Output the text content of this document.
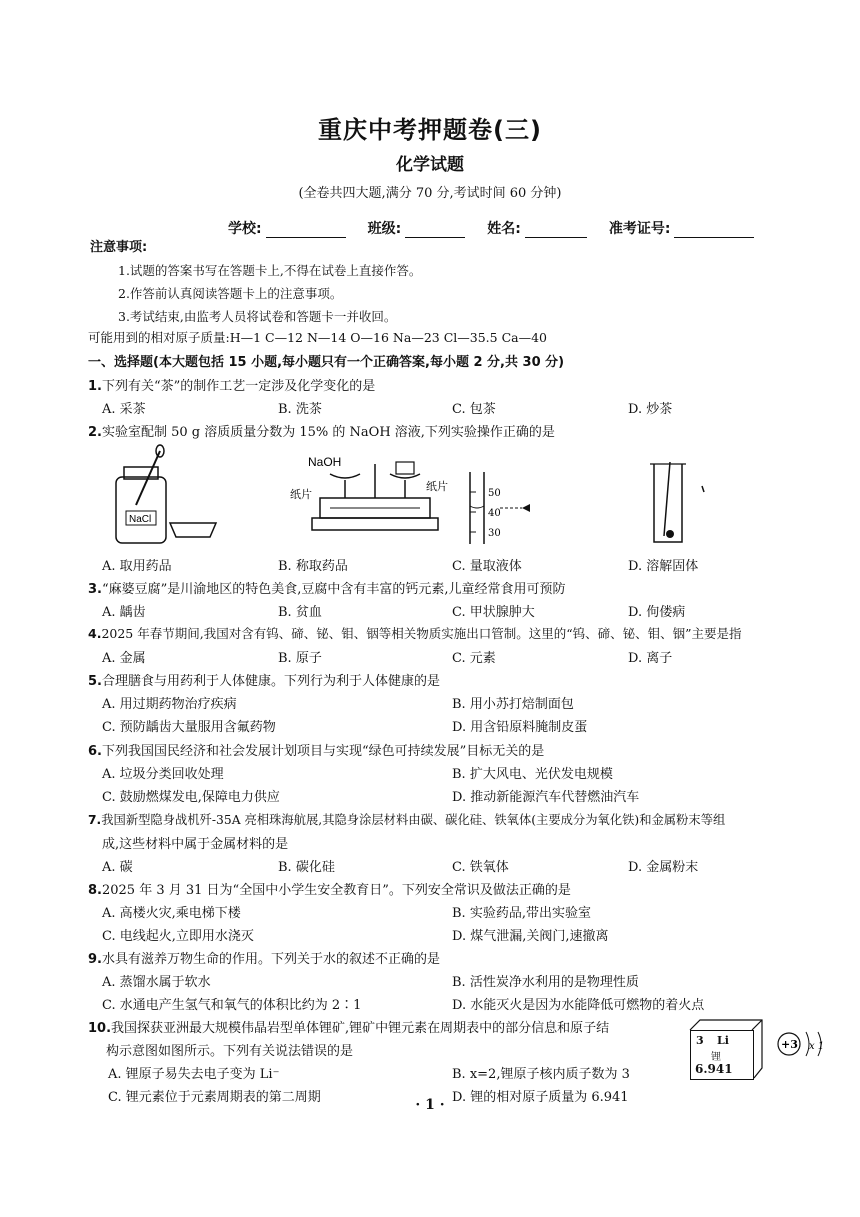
重庆中考押题卷(三)
化学试题
(全卷共四大题,满分 70 分,考试时间 60 分钟)
学校:	班级:	姓名:	准考证号:
注意事项:
1.试题的答案书写在答题卡上,不得在试卷上直接作答。
2.作答前认真阅读答题卡上的注意事项。
3.考试结束,由监考人员将试卷和答题卡一并收回。
可能用到的相对原子质量:H—1 C—12 N—14 O—16 Na—23 Cl—35.5 Ca—40
一、选择题(本大题包括 15 小题,每小题只有一个正确答案,每小题 2 分,共 30 分)
1.下列有关“茶”的制作工艺一定涉及化学变化的是
A. 采茶	B. 洗茶	C. 包茶	D. 炒茶
2.实验室配制 50 g 溶质质量分数为 15% 的 NaOH 溶液,下列实验操作正确的是
NaCl
NaOH
纸片
纸片
50
40
30
A. 取用药品	B. 称取药品	C. 量取液体	D. 溶解固体
3.“麻婆豆腐”是川渝地区的特色美食,豆腐中含有丰富的钙元素,儿童经常食用可预防
A. 龋齿	B. 贫血	C. 甲状腺肿大	D. 佝偻病
4.2025 年春节期间,我国对含有钨、碲、铋、钼、铟等相关物质实施出口管制。这里的“钨、碲、铋、钼、铟”主要是指
A. 金属	B. 原子	C. 元素	D. 离子
5.合理膳食与用药利于人体健康。下列行为利于人体健康的是
A. 用过期药物治疗疾病	B. 用小苏打焙制面包
C. 预防龋齿大量服用含氟药物	D. 用含铅原料腌制皮蛋
6.下列我国国民经济和社会发展计划项目与实现“绿色可持续发展”目标无关的是
A. 垃圾分类回收处理	B. 扩大风电、光伏发电规模
C. 鼓励燃煤发电,保障电力供应	D. 推动新能源汽车代替燃油汽车
7.我国新型隐身战机歼-35A 亮相珠海航展,其隐身涂层材料由碳、碳化硅、铁氧体(主要成分为氧化铁)和金属粉末等组
成,这些材料中属于金属材料的是
A. 碳	B. 碳化硅	C. 铁氧体	D. 金属粉末
8.2025 年 3 月 31 日为“全国中小学生安全教育日”。下列安全常识及做法正确的是
A. 高楼火灾,乘电梯下楼	B. 实验药品,带出实验室
C. 电线起火,立即用水浇灭	D. 煤气泄漏,关阀门,速撤离
9.水具有滋养万物生命的作用。下列关于水的叙述不正确的是
A. 蒸馏水属于软水	B. 活性炭净水利用的是物理性质
C. 水通电产生氢气和氧气的体积比约为 2∶1	D. 水能灭火是因为水能降低可燃物的着火点
10.我国探获亚洲最大规模伟晶岩型单体锂矿,锂矿中锂元素在周期表中的部分信息和原子结
构示意图如图所示。下列有关说法错误的是
A. 锂原子易失去电子变为 Li⁻	B. x=2,锂原子核内质子数为 3
C. 锂元素位于元素周期表的第二周期	D. 锂的相对原子质量为 6.941
3 Li
锂
6.941
+3 x 1
· 1 ·
